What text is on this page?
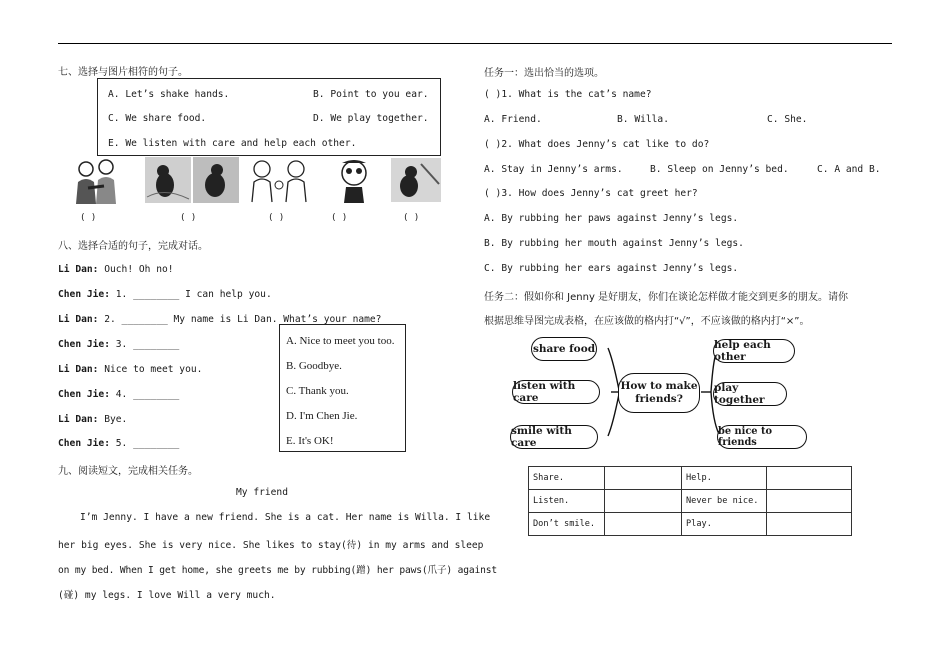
七、选择与图片相符的句子。
A. Let’s shake hands.	B. Point to you ear.
C. We share food.	D. We play together.
E. We listen with care and help each other.
( )	( )	( )	( )	( )
八、选择合适的句子，完成对话。
Li Dan: Ouch! Oh no!
Chen Jie: 1. ________ I can help you.
Li Dan: 2. ________ My name is Li Dan. What’s your name?
Chen Jie: 3. ________
Li Dan: Nice to meet you.
Chen Jie: 4. ________
Li Dan: Bye.
Chen Jie: 5. ________
A. Nice to meet you too.
B. Goodbye.
C. Thank you.
D. I'm Chen Jie.
E. It's OK!
九、阅读短文，完成相关任务。
My friend
I’m Jenny. I have a new friend. She is a cat. Her name is Willa. I like
her big eyes. She is very nice. She likes to stay(待) in my arms and sleep
on my bed. When I get home, she greets me by rubbing(蹭) her paws(爪子) against
(碰) my legs. I love Will a very much.
任务一：选出恰当的选项。
( )1. What is the cat’s name?
A. Friend.	B. Willa.	C. She.
( )2. What does Jenny’s cat like to do?
A. Stay in Jenny’s arms.	B. Sleep on Jenny’s bed.	C. A and B.
( )3. How does Jenny’s cat greet her?
A. By rubbing her paws against Jenny’s legs.
B. By rubbing her mouth against Jenny’s legs.
C. By rubbing her ears against Jenny’s legs.
任务二：假如你和 Jenny 是好朋友，你们在谈论怎样做才能交到更多的朋友。请你
根据思维导图完成表格，在应该做的格内打“√”，不应该做的格内打“×”。
share food
listen with care
smile with care
How to make friends?
help each other
play together
be nice to friends
Share.		Help.	
Listen.		Never be nice.	
Don’t smile.		Play.	
